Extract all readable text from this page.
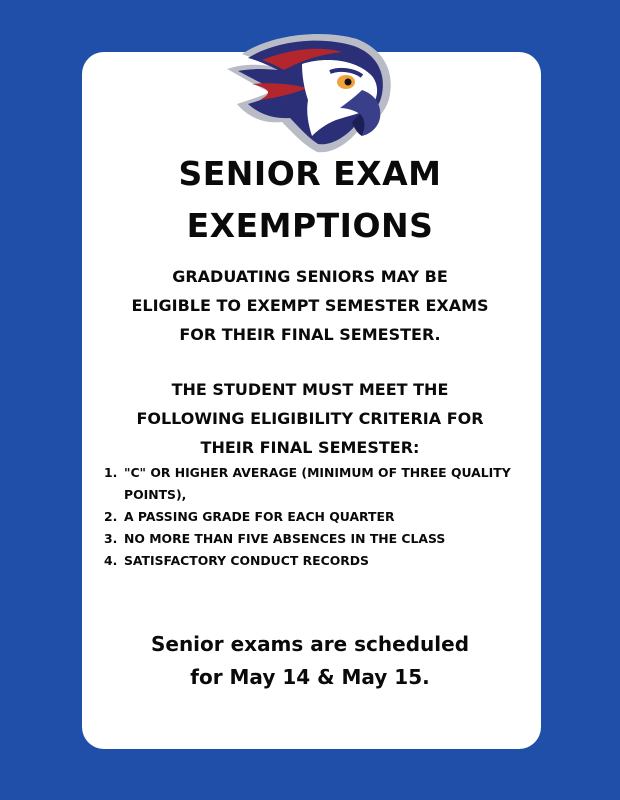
SENIOR EXAM
EXEMPTIONS
GRADUATING SENIORS MAY BE
ELIGIBLE TO EXEMPT SEMESTER EXAMS
FOR THEIR FINAL SEMESTER.
THE STUDENT MUST MEET THE
FOLLOWING ELIGIBILITY CRITERIA FOR
THEIR FINAL SEMESTER:
1. "C" OR HIGHER AVERAGE (MINIMUM OF THREE QUALITY POINTS),
2. A PASSING GRADE FOR EACH QUARTER
3. NO MORE THAN FIVE ABSENCES IN THE CLASS
4. SATISFACTORY CONDUCT RECORDS
Senior exams are scheduled
for May 14 & May 15.
